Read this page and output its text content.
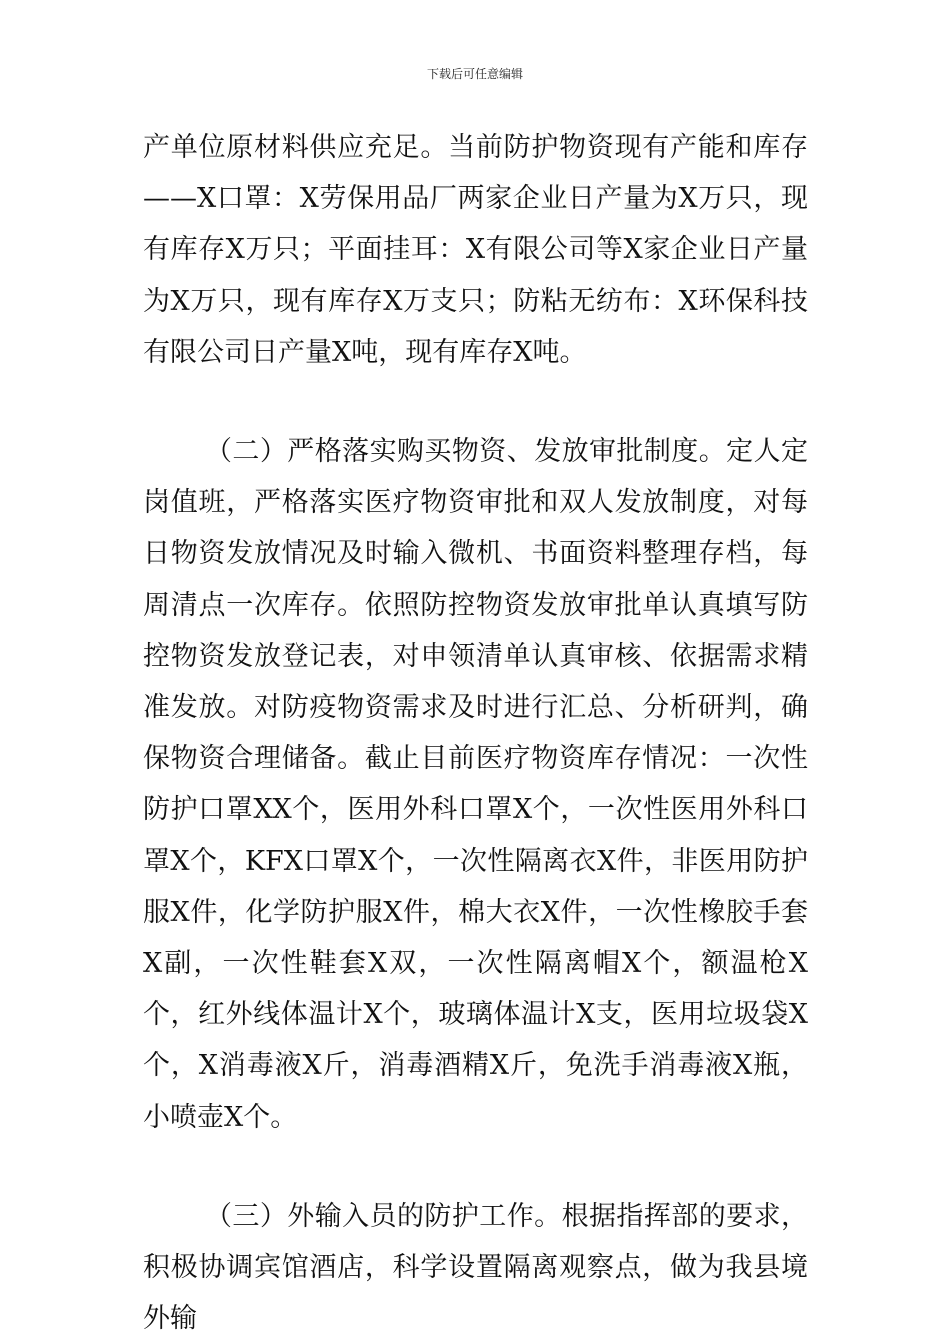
下载后可任意编辑

产单位原材料供应充足。当前防护物资现有产能和库存——X口罩：X劳保用品厂两家企业日产量为X万只，现有库存X万只；平面挂耳：X有限公司等X家企业日产量为X万只，现有库存X万支只；防粘无纺布：X环保科技有限公司日产量X吨，现有库存X吨。

（二）严格落实购买物资、发放审批制度。定人定岗值班，严格落实医疗物资审批和双人发放制度，对每日物资发放情况及时输入微机、书面资料整理存档，每周清点一次库存。依照防控物资发放审批单认真填写防控物资发放登记表，对申领清单认真审核、依据需求精准发放。对防疫物资需求及时进行汇总、分析研判，确保物资合理储备。截止目前医疗物资库存情况：一次性防护口罩XX个，医用外科口罩X个，一次性医用外科口罩X个，KFX口罩X个，一次性隔离衣X件，非医用防护服X件，化学防护服X件，棉大衣X件，一次性橡胶手套X副，一次性鞋套X双，一次性隔离帽X个，额温枪X个，红外线体温计X个，玻璃体温计X支，医用垃圾袋X个，X消毒液X斤，消毒酒精X斤，免洗手消毒液X瓶，小喷壶X个。

（三）外输入员的防护工作。根据指挥部的要求，积极协调宾馆酒店，科学设置隔离观察点，做为我县境外输
